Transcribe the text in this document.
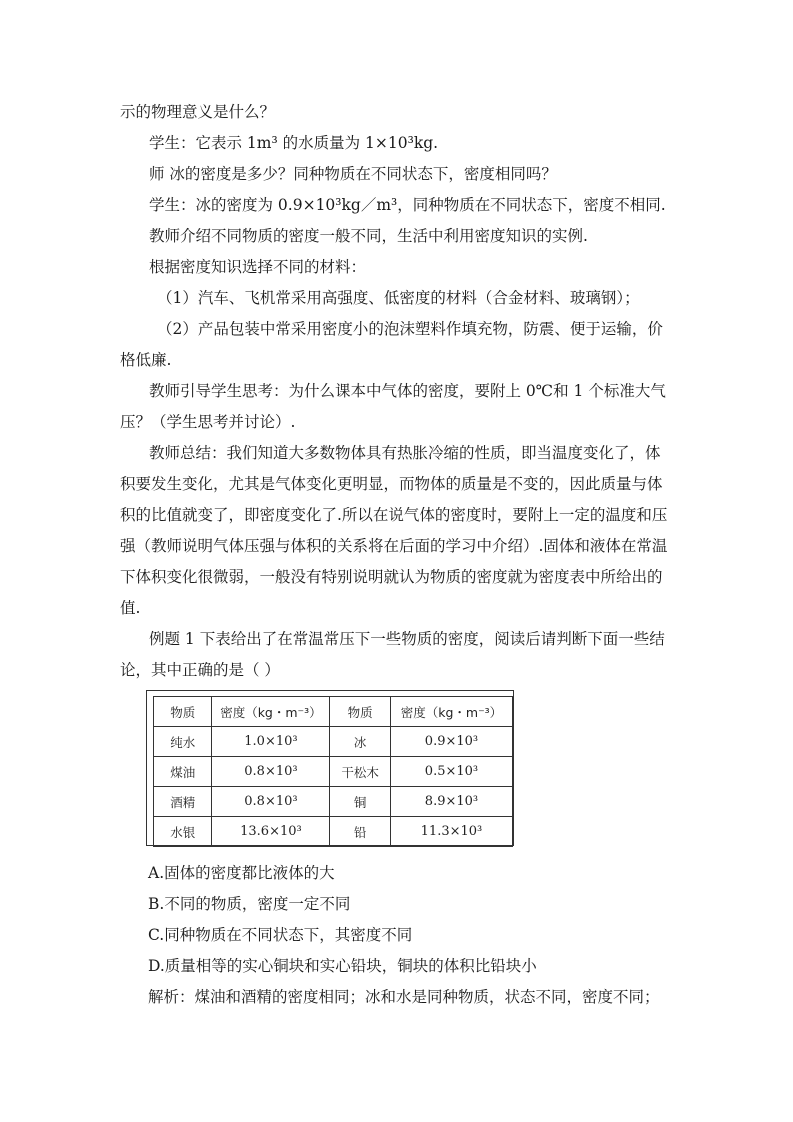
示的物理意义是什么？

学生：它表示 1m³ 的水质量为 1×10³kg.

师 冰的密度是多少？同种物质在不同状态下，密度相同吗？

学生：冰的密度为 0.9×10³kg／m³，同种物质在不同状态下，密度不相同.

教师介绍不同物质的密度一般不同，生活中利用密度知识的实例.

根据密度知识选择不同的材料：

（1）汽车、飞机常采用高强度、低密度的材料（合金材料、玻璃钢）；

（2）产品包装中常采用密度小的泡沫塑料作填充物，防震、便于运输，价格低廉.

教师引导学生思考：为什么课本中气体的密度，要附上 0℃和 1 个标准大气压？（学生思考并讨论）.

教师总结：我们知道大多数物体具有热胀冷缩的性质，即当温度变化了，体积要发生变化，尤其是气体变化更明显，而物体的质量是不变的，因此质量与体积的比值就变了，即密度变化了.所以在说气体的密度时，要附上一定的温度和压强（教师说明气体压强与体积的关系将在后面的学习中介绍）.固体和液体在常温下体积变化很微弱，一般没有特别说明就认为物质的密度就为密度表中所给出的值.

例题 1 下表给出了在常温常压下一些物质的密度，阅读后请判断下面一些结论，其中正确的是（ ）

物质	密度（kg・m⁻³）	物质	密度（kg・m⁻³）
纯水	1.0×10³	冰	0.9×10³
煤油	0.8×10³	干松木	0.5×10³
酒精	0.8×10³	铜	8.9×10³
水银	13.6×10³	铅	11.3×10³

A.固体的密度都比液体的大

B.不同的物质，密度一定不同

C.同种物质在不同状态下，其密度不同

D.质量相等的实心铜块和实心铅块，铜块的体积比铅块小

解析：煤油和酒精的密度相同；冰和水是同种物质，状态不同，密度不同；
